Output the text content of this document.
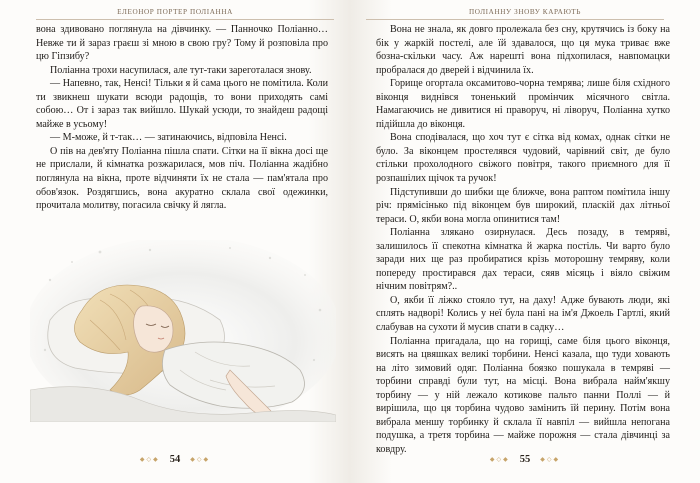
ЕЛЕОНОР ПОРТЕР ПОЛІАННА

вона здивовано поглянула на дівчинку. — Панночко Поліанно… Невже ти й зараз граєш зі мною в свою гру? Тому й розповіла про цю Гіпзибу?

Поліанна трохи насупилася, але тут-таки зареготалася знову.

— Напевно, так, Ненсі! Тільки я й сама цього не помітила. Коли ти звикнеш шукати всюди радощів, то вони приходять самі собою… От і зараз так вийшло. Шукай усюди, то знайдеш радощі майже в усьому!

— М-може, й т-так… — затинаючись, відповіла Ненсі.

О пів на дев'яту Поліанна пішла спати. Сітки на її вікна досі ще не прислали, й кімнатка розжарилася, мов піч. Поліанна жадібно поглянула на вікна, проте відчиняти їх не стала — пам'ятала про обов'язок. Роздягшись, вона акуратно склала свої одежинки, прочитала молитву, погасила свічку й лягла.

◆◇◆ 54 ◆◇◆
ПОЛІАННУ ЗНОВУ КАРАЮТЬ

Вона не знала, як довго пролежала без сну, крутячись із боку на бік у жаркій постелі, але їй здавалося, що ця мука триває вже бозна-скільки часу. Аж нарешті вона підхопилася, навпомацки пробралася до дверей і відчинила їх.

Горище огортала оксамитово-чорна темрява; лише біля східного віконця виднівся тоненький промінчик місячного світла. Намагаючись не дивитися ні праворуч, ні ліворуч, Поліанна хутко підійшла до віконця.

Вона сподівалася, що хоч тут є сітка від комах, однак сітки не було. За віконцем простелявся чудовий, чарівний світ, де було стільки прохолодного свіжого повітря, такого приємного для її розпашілих щічок та ручок!

Підступивши до шибки ще ближче, вона раптом помітила іншу річ: прямісінько під віконцем був широкий, пласкій дах літньої тераси. О, якби вона могла опинитися там!

Поліанна злякано озирнулася. Десь позаду, в темряві, залишилось її спекотна кімнатка й жарка постіль. Чи варто було заради них ще раз пробиратися крізь моторошну темряву, коли попереду простирався дах тераси, сяяв місяць і віяло свіжим нічним повітрям?..

О, якби її ліжко стояло тут, на даху! Адже бувають люди, які сплять надворі! Колись у неї була пані на ім'я Джоель Гартлі, який слабував на сухоти й мусив спати в садку…

Поліанна пригадала, що на горищі, саме біля цього віконця, висять на цвяшках великі торбини. Ненсі казала, що туди ховають на літо зимовий одяг. Поліанна боязко пошукала в темряві — торбини справді були тут, на місці. Вона вибрала найм'якшу торбину — у ній лежало котикове пальто панни Поллі — й вирішила, що ця торбина чудово замінить їй перину. Потім вона вибрала меншу торбинку й склала її навпіл — вийшла непогана подушка, а третя торбина — майже порожня — стала дівчинці за ковдру.

◆◇◆ 55 ◆◇◆
